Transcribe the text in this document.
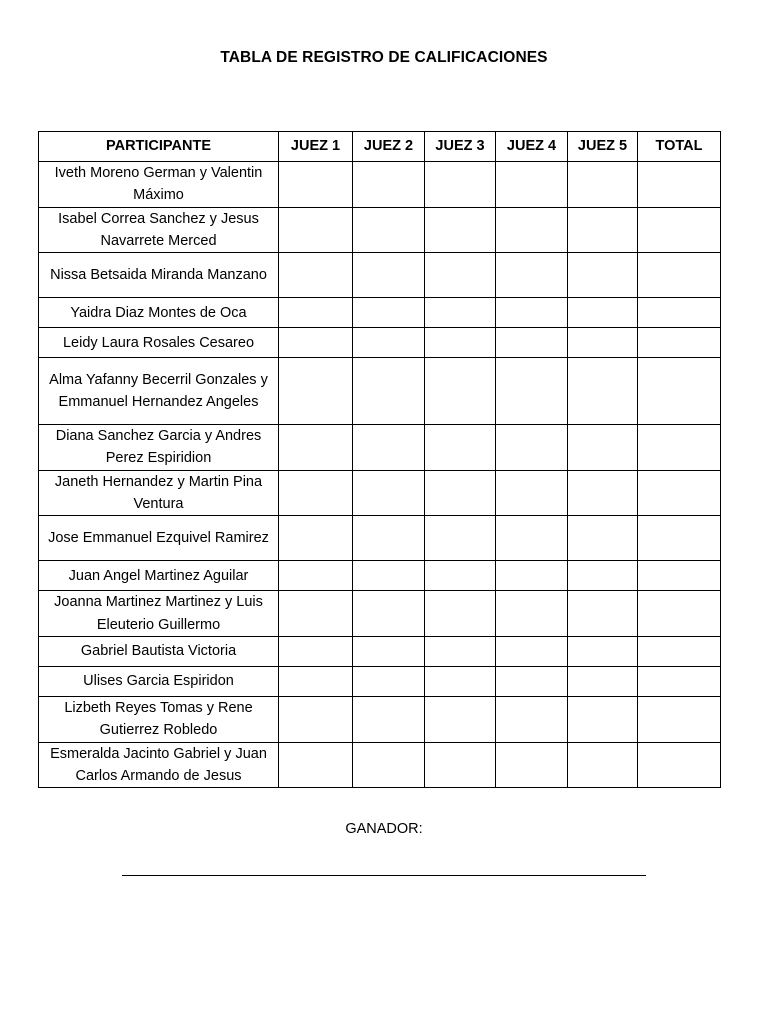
TABLA DE REGISTRO DE CALIFICACIONES
PARTICIPANTE	JUEZ 1	JUEZ 2	JUEZ 3	JUEZ 4	JUEZ 5	TOTAL
Iveth Moreno German y Valentin Máximo						
Isabel Correa Sanchez y Jesus Navarrete Merced						
Nissa Betsaida Miranda Manzano						
Yaidra Diaz Montes de Oca						
Leidy Laura Rosales Cesareo						
Alma Yafanny Becerril Gonzales y Emmanuel Hernandez Angeles						
Diana Sanchez Garcia y Andres Perez Espiridion						
Janeth Hernandez y Martin Pina Ventura						
Jose Emmanuel Ezquivel Ramirez						
Juan Angel Martinez Aguilar						
Joanna Martinez Martinez y Luis Eleuterio Guillermo						
Gabriel Bautista Victoria						
Ulises Garcia Espiridon						
Lizbeth Reyes Tomas y Rene Gutierrez Robledo						
Esmeralda Jacinto Gabriel y Juan Carlos Armando de Jesus						
GANADOR:
